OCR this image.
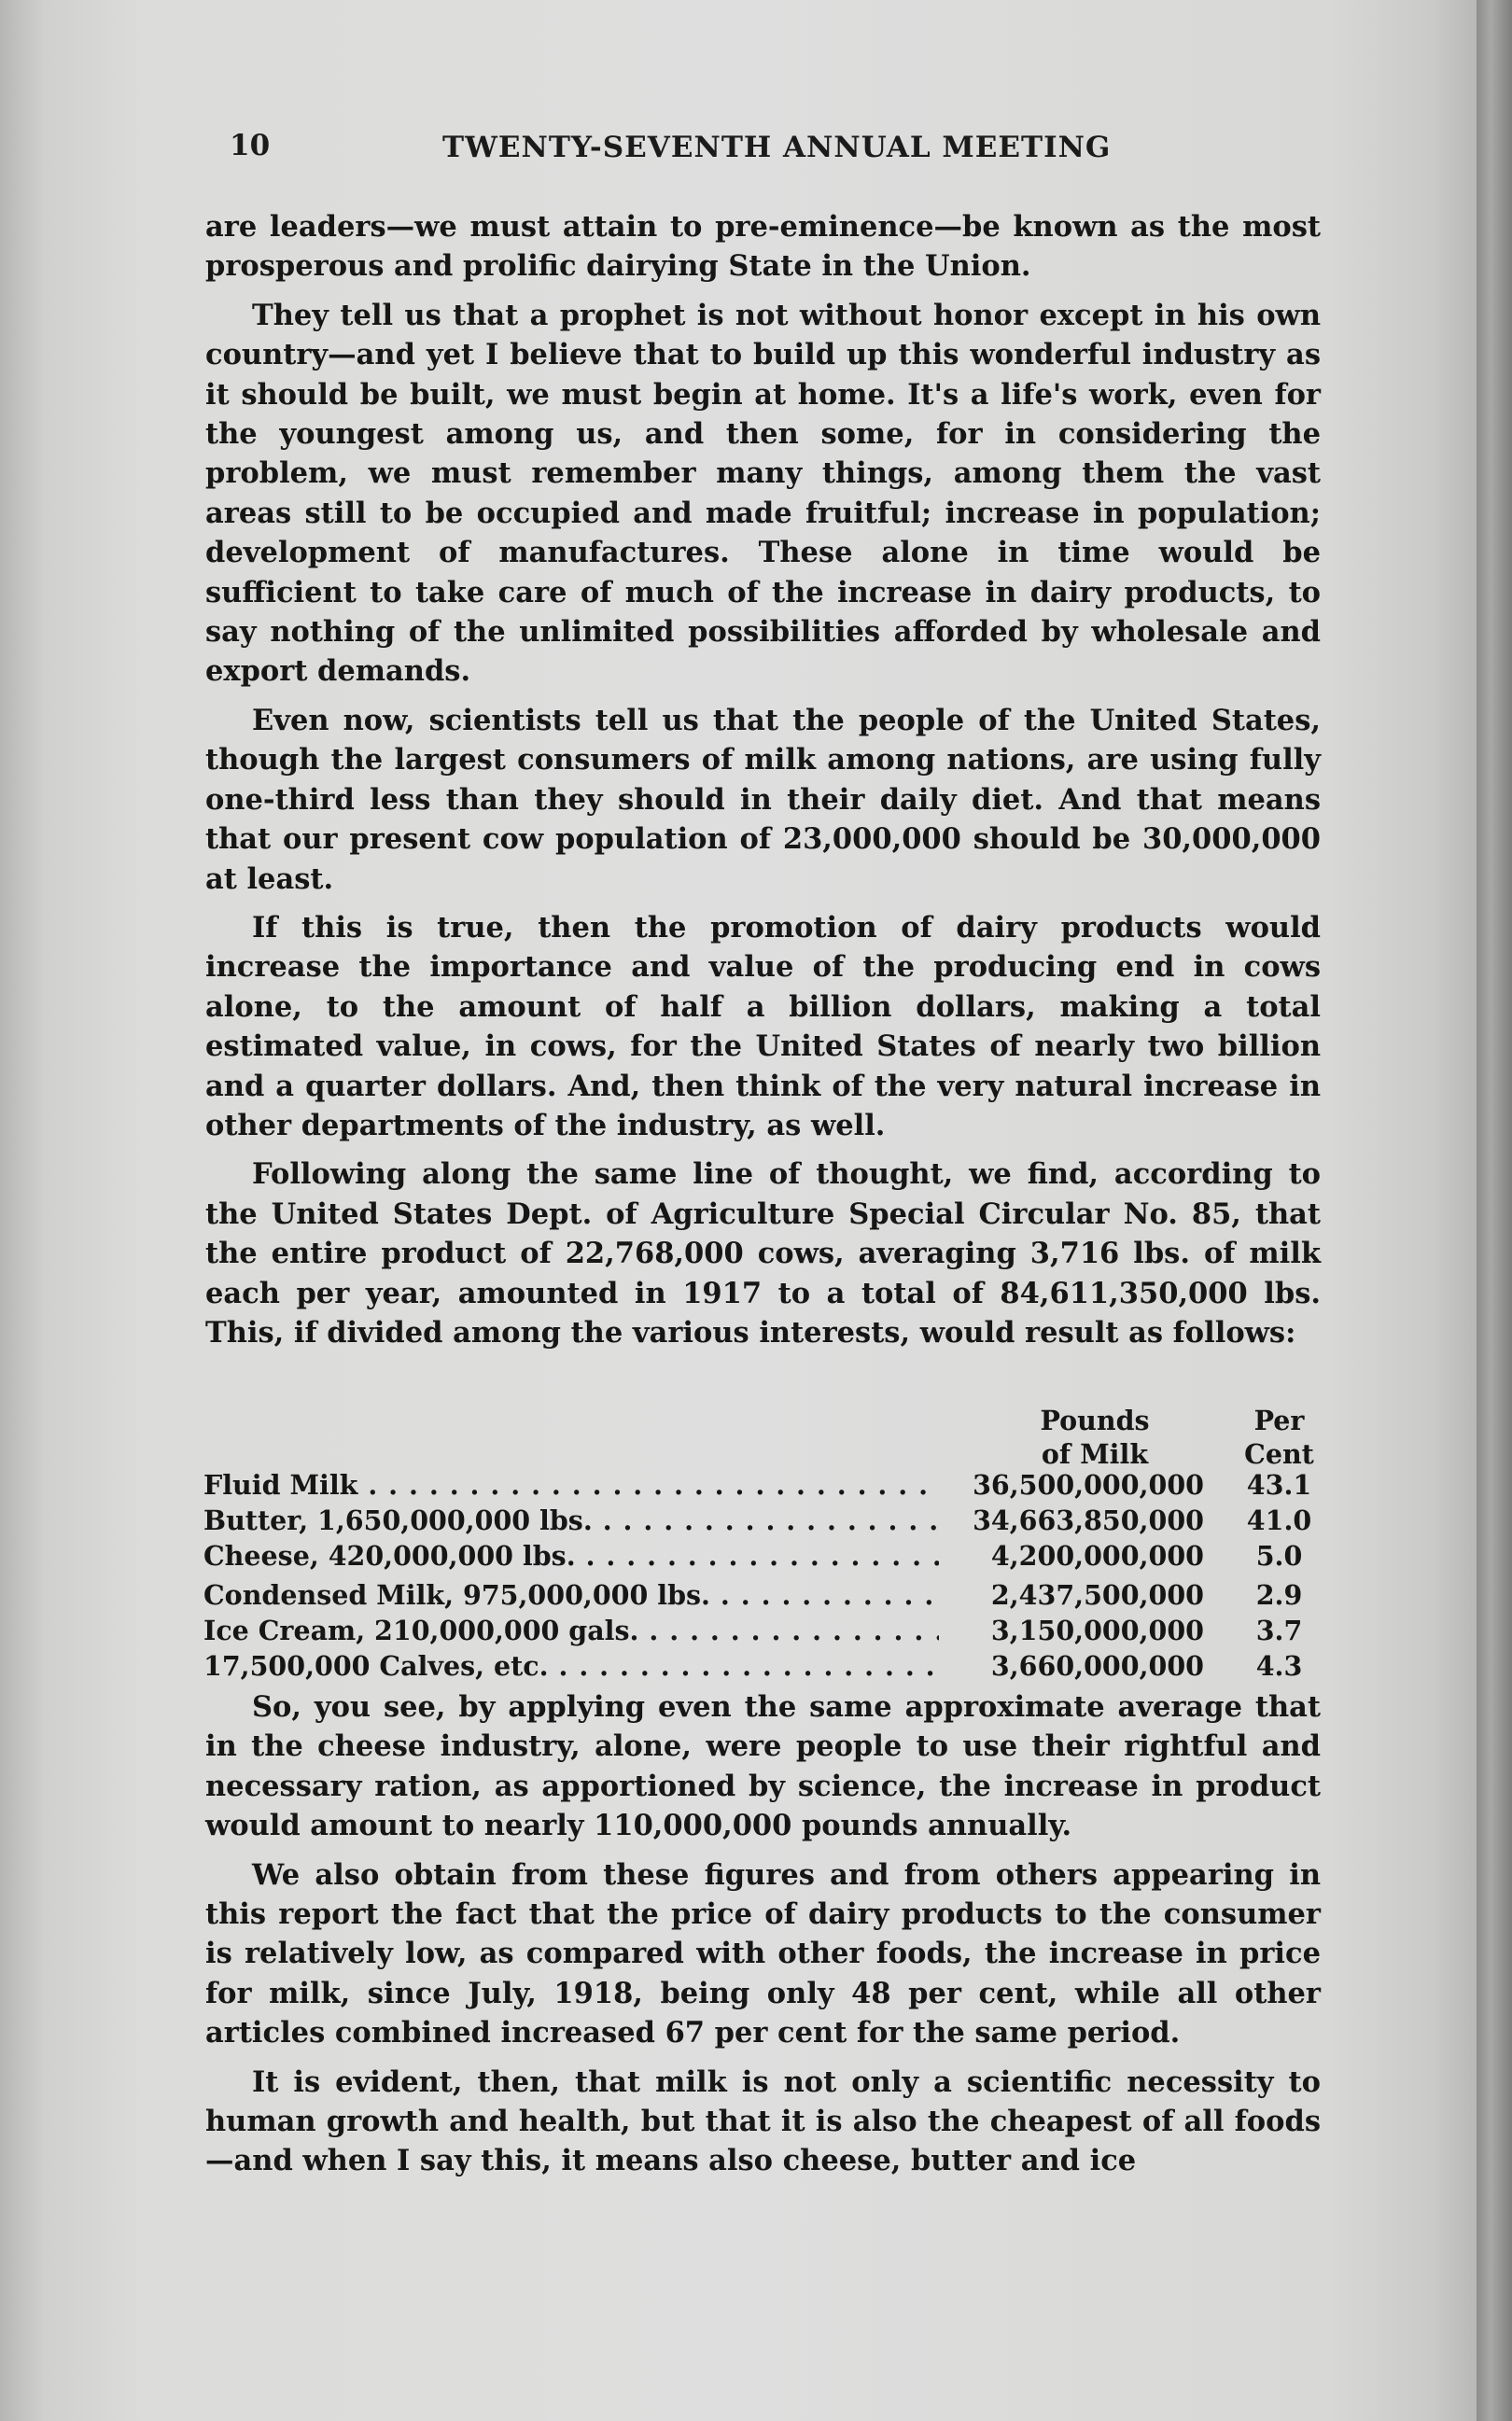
10	TWENTY-SEVENTH ANNUAL MEETING

are leaders—we must attain to pre-eminence—be known as the most prosperous and prolific dairying State in the Union.

They tell us that a prophet is not without honor except in his own country—and yet I believe that to build up this wonderful industry as it should be built, we must begin at home. It's a life's work, even for the youngest among us, and then some, for in considering the problem, we must remember many things, among them the vast areas still to be occupied and made fruitful; increase in population; development of manufactures. These alone in time would be sufficient to take care of much of the increase in dairy products, to say nothing of the unlimited possibilities afforded by wholesale and export demands.

Even now, scientists tell us that the people of the United States, though the largest consumers of milk among nations, are using fully one-third less than they should in their daily diet. And that means that our present cow population of 23,000,000 should be 30,000,000 at least.

If this is true, then the promotion of dairy products would increase the importance and value of the producing end in cows alone, to the amount of half a billion dollars, making a total estimated value, in cows, for the United States of nearly two billion and a quarter dollars. And, then think of the very natural increase in other departments of the industry, as well.

Following along the same line of thought, we find, according to the United States Dept. of Agriculture Special Circular No. 85, that the entire product of 22,768,000 cows, averaging 3,716 lbs. of milk each per year, amounted in 1917 to a total of 84,611,350,000 lbs. This, if divided among the various interests, would result as follows:

Pounds
of Milk
Per
Cent
Fluid Milk . . .	36,500,000,000	43.1
Butter, 1,650,000,000 lbs. . . .	34,663,850,000	41.0
Cheese, 420,000,000 lbs. . . .	4,200,000,000	5.0
Condensed Milk, 975,000,000 lbs. . . .	2,437,500,000	2.9
Ice Cream, 210,000,000 gals. . . .	3,150,000,000	3.7
17,500,000 Calves, etc. . . .	3,660,000,000	4.3

So, you see, by applying even the same approximate average that in the cheese industry, alone, were people to use their rightful and necessary ration, as apportioned by science, the increase in product would amount to nearly 110,000,000 pounds annually.

We also obtain from these figures and from others appearing in this report the fact that the price of dairy products to the consumer is relatively low, as compared with other foods, the increase in price for milk, since July, 1918, being only 48 per cent, while all other articles combined increased 67 per cent for the same period.

It is evident, then, that milk is not only a scientific necessity to human growth and health, but that it is also the cheapest of all foods—and when I say this, it means also cheese, butter and ice
